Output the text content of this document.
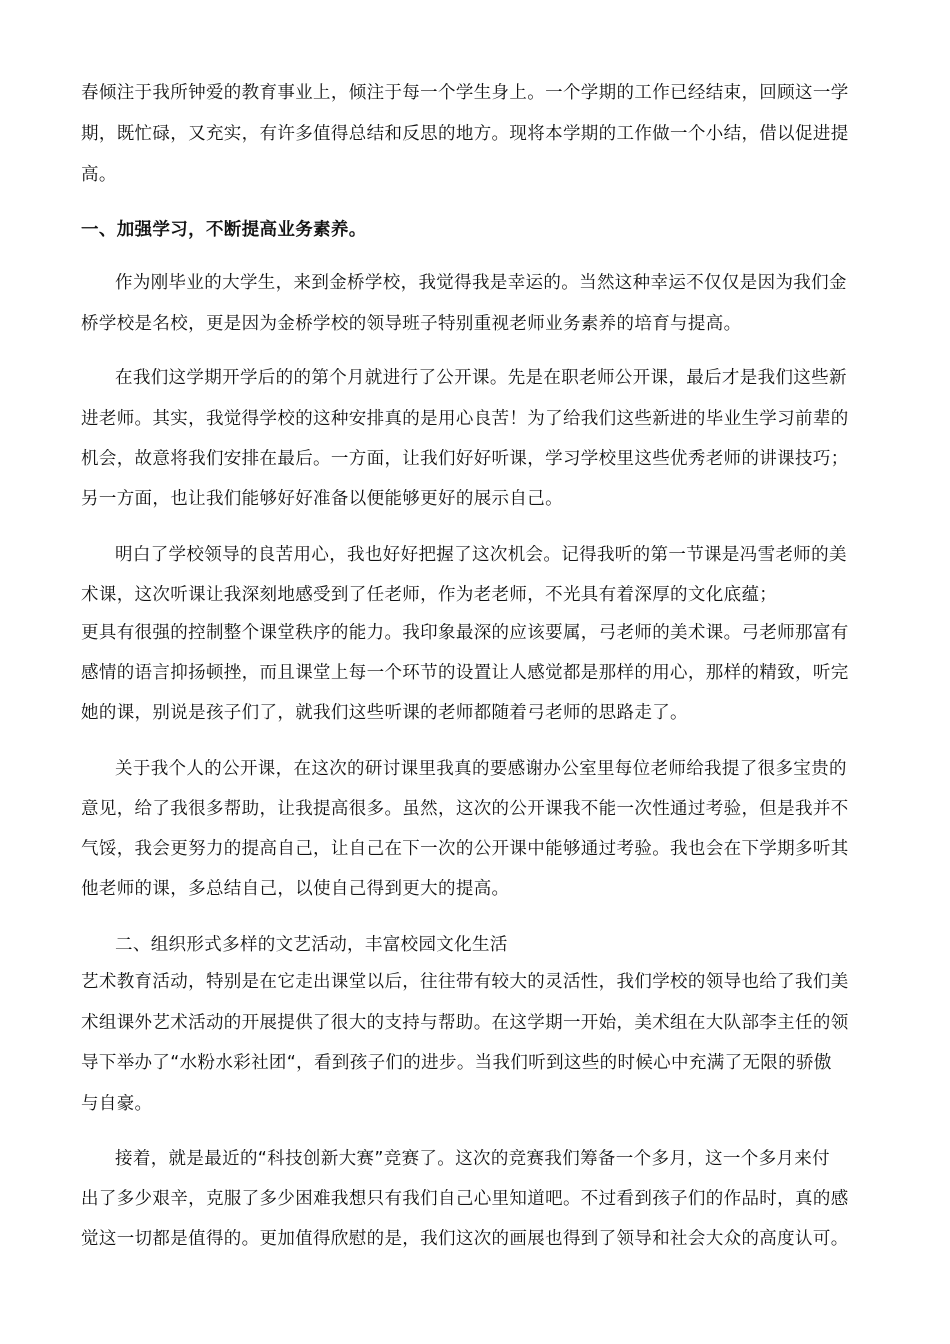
春倾注于我所钟爱的教育事业上，倾注于每一个学生身上。一个学期的工作已经结束，回顾这一学
期，既忙碌，又充实，有许多值得总结和反思的地方。现将本学期的工作做一个小结，借以促进提
高。
一、加强学习，不断提高业务素养。
作为刚毕业的大学生，来到金桥学校，我觉得我是幸运的。当然这种幸运不仅仅是因为我们金
桥学校是名校，更是因为金桥学校的领导班子特别重视老师业务素养的培育与提高。
在我们这学期开学后的的第个月就进行了公开课。先是在职老师公开课，最后才是我们这些新
进老师。其实，我觉得学校的这种安排真的是用心良苦！为了给我们这些新进的毕业生学习前辈的
机会，故意将我们安排在最后。一方面，让我们好好听课，学习学校里这些优秀老师的讲课技巧；
另一方面，也让我们能够好好准备以便能够更好的展示自己。
明白了学校领导的良苦用心，我也好好把握了这次机会。记得我听的第一节课是冯雪老师的美
术课，这次听课让我深刻地感受到了任老师，作为老老师，不光具有着深厚的文化底蕴；
更具有很强的控制整个课堂秩序的能力。我印象最深的应该要属，弓老师的美术课。弓老师那富有
感情的语言抑扬顿挫，而且课堂上每一个环节的设置让人感觉都是那样的用心，那样的精致，听完
她的课，别说是孩子们了，就我们这些听课的老师都随着弓老师的思路走了。
关于我个人的公开课，在这次的研讨课里我真的要感谢办公室里每位老师给我提了很多宝贵的
意见，给了我很多帮助，让我提高很多。虽然，这次的公开课我不能一次性通过考验，但是我并不
气馁，我会更努力的提高自己，让自己在下一次的公开课中能够通过考验。我也会在下学期多听其
他老师的课，多总结自己，以使自己得到更大的提高。
二、组织形式多样的文艺活动，丰富校园文化生活
艺术教育活动，特别是在它走出课堂以后，往往带有较大的灵活性，我们学校的领导也给了我们美
术组课外艺术活动的开展提供了很大的支持与帮助。在这学期一开始，美术组在大队部李主任的领
导下举办了“水粉水彩社团“，看到孩子们的进步。当我们听到这些的时候心中充满了无限的骄傲
与自豪。
接着，就是最近的“科技创新大赛”竞赛了。这次的竞赛我们筹备一个多月，这一个多月来付
出了多少艰辛，克服了多少困难我想只有我们自己心里知道吧。不过看到孩子们的作品时，真的感
觉这一切都是值得的。更加值得欣慰的是，我们这次的画展也得到了领导和社会大众的高度认可。
